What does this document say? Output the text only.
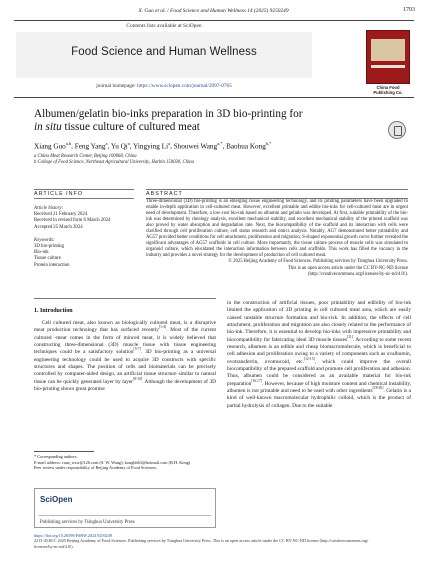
X. Guo et al. / Food Science and Human Wellness 14 (2025) 9250249	1703
Contents lists available at SciOpen
Food Science and Human Wellness
journal homepage: https://www.sciopen.com/journal/2097-0765	China Food
Publishing Co.
Albumen/gelatin bio-inks preparation in 3D bio-printing for
in situ tissue culture of cultured meat
Xiang Guo$^{a,b}$, Feng Yang$^a$, Yu Qi$^a$, Yingying Li$^a$, Shouwei Wang$^{a,*}$, Baohua Kong$^{b,*}$
a China Meat Research Center, Beijing 100068, China
b College of Food Science, Northeast Agricultural University, Harbin 150030, China
ARTICLE INFO	ABSTRACT
Article history:
Received 21 February 2024
Received in revised form 6 March 2024
Accepted 25 March 2024
Keywords:
3D bio-printing
Bio-ink
Tissue culture
Protein interaction
Three-dimensional (3D) bio-printing is an emerging tissue engineering technology, and its printing parameters have been upgraded to enable in-depth application in cell-cultured meat. However, excellent printable and edible bio-inks for cell-cultured meat are in urgent need of development. Therefore, a low-cost bio-ink based on albumin and gelatin was developed. At first, suitable printability of the bio-ink was determined by rheology analysis, excellent mechanical stability, and excellent mechanical stability of the printed scaffold was also proved by water absorption and degradation rate. Next, the biocompatibility of the scaffold and its interaction with cells were clarified through cell proliferation culture, cell status research and omics analysis. Notably, AG7 demonstrated better printability and AG57 provided better conditions for cell attachment, proliferation and migration, S-shaped exponential growth curve further revealed the significant advantages of AG57 scaffolds in cell culture. More importantly, the tissue culture process of muscle cells was simulated to organoid culture, which elucidated the interaction information between cells and scaffolds. This work has filled the vacancy in the industry and provides a novel strategy for the development of production of cell cultured meat.
© 2025 Beijing Academy of Food Sciences. Publishing services by Tsinghua University Press.
This is an open access article under the CC BY-NC-ND license
(http://creativecommons.org/licenses/by-nc-nd/4.0/).
1. Introduction
Cell cultured meat, also known as biologically cultured meat, is a disruptive meat production technology that has surfaced recently[1-4]. Most of the current cultured -meat comes in the form of minced meat, it is widely believed that constructing three-dimensional (3D) muscle tissue with tissue engineering techniques could be a satisfactory solution[5-7]. 3D bio-printing as a universal engineering technology could be used to acquire 3D constructs with specific structures and shapes. The position of cells and biomaterials can be precisely controlled by computer-aided design, an artificial tissue structure similar to natural tissue can be quickly generated layer by layer[8-10]. Although the development of 3D bio-printing shows great promise
in the construction of artificial tissues, poor printability and edibility of bio-ink limited the application of 3D printing in cell cultured meat area, which are easily caused unstable structure formation and bio-risk. In addition, the effects of cell attachment, proliferation and migration are also closely related to the performance of bio-ink. Therefore, it is essential to develop bio-inks with impressive printability and biocompatibility for fabricating ideal 3D muscle tissues[11]. According to some recent research, albumen is an edible and cheap biomacromolecule, which is beneficial to cell adhesion and proliferation owing to a variety of components such as ovalbumin, ovotransferrin, ovomucoid, etc.[12-15], which could improve the overall biocompatibility of the prepared scaffold and promote cell proliferation and adhesion. Thus, albumen could be considered as an available material for bio-ink preparation[16,17]. However, because of high moisture content and chemical instability, albumen is not printable and need to be used with other ingredients[18-20]. Gelatin is a kind of well-known macromolecular hydrophilic colloid, which is the product of partial hydrolysis of collagen. Due to the suitable
* Corresponding authors.
E-mail address: caaa_wsw@126.com (S. W. Wang); kongbh63@hotmail.com (B.H. Kong)
Peer review under responsibility of Beijing Academy of Food Sciences.
SciOpen
Publishing services by Tsinghua University Press
https://doi.org/10.26599/FSHW.2024.9250249
2213-4530/© 2025 Beijing Academy of Food Sciences. Publishing services by Tsinghua University Press. This is an open access article under the CC BY-NC-ND license (http://creativecommons.org/
licenses/by-nc-nd/4.0/).
